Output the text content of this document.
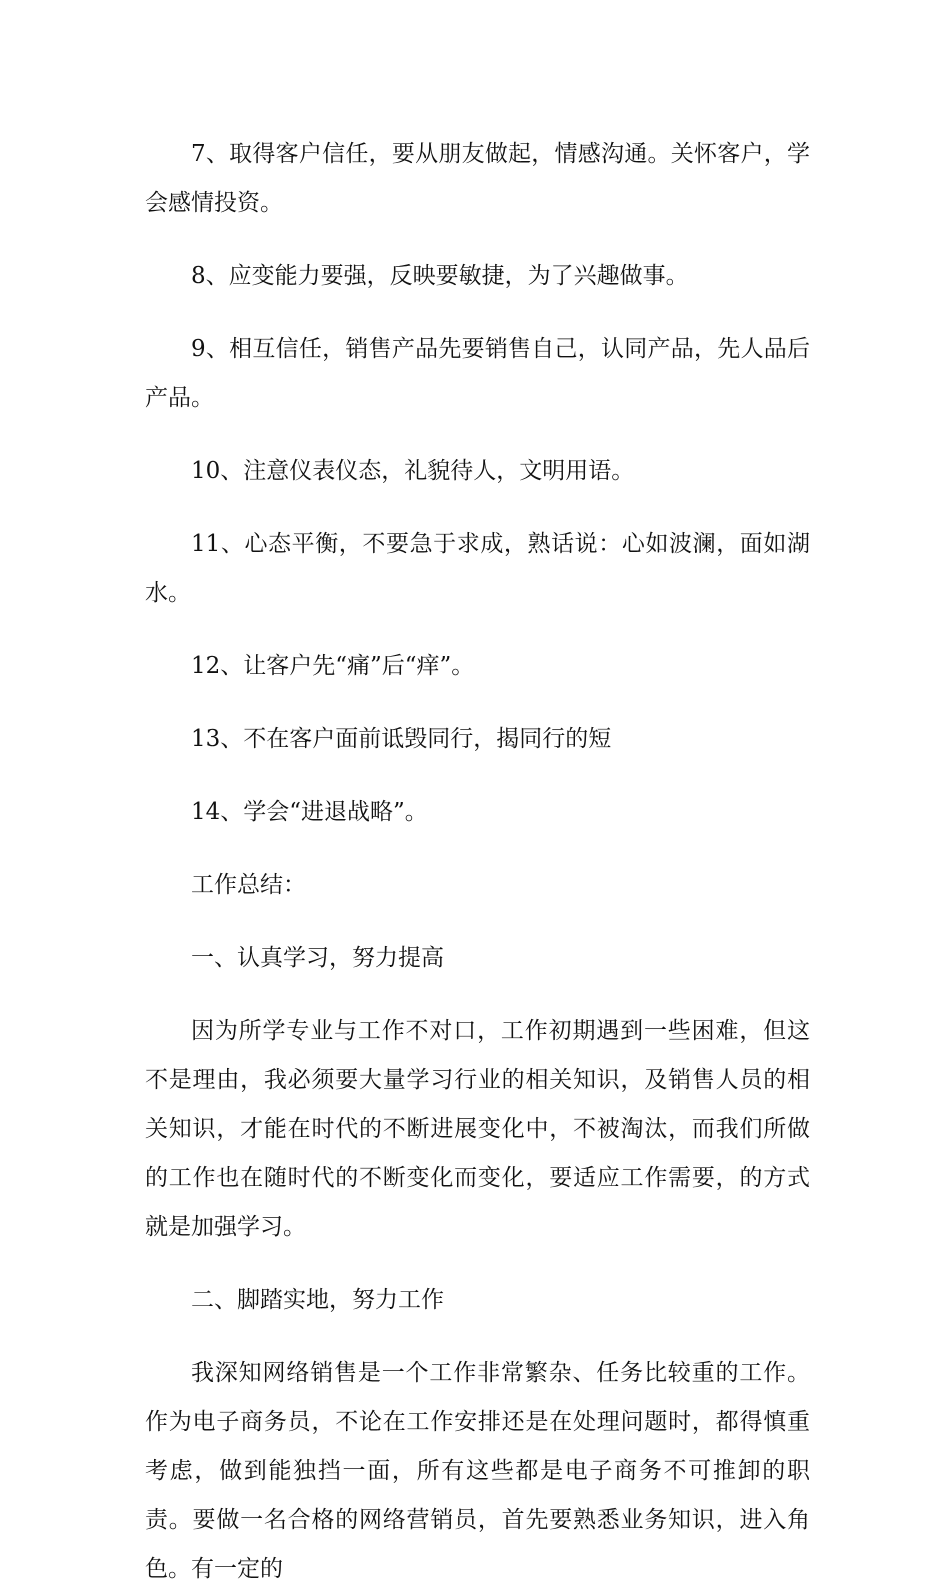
7、取得客户信任，要从朋友做起，情感沟通。关怀客户，学会感情投资。

8、应变能力要强，反映要敏捷，为了兴趣做事。

9、相互信任，销售产品先要销售自己，认同产品，先人品后产品。

10、注意仪表仪态，礼貌待人，文明用语。

11、心态平衡，不要急于求成，熟话说：心如波澜，面如湖水。

12、让客户先“痛”后“痒”。

13、不在客户面前诋毁同行，揭同行的短

14、学会“进退战略”。

工作总结：

一、认真学习，努力提高

因为所学专业与工作不对口，工作初期遇到一些困难，但这不是理由，我必须要大量学习行业的相关知识，及销售人员的相关知识，才能在时代的不断进展变化中，不被淘汰，而我们所做的工作也在随时代的不断变化而变化，要适应工作需要，的方式就是加强学习。

二、脚踏实地，努力工作

我深知网络销售是一个工作非常繁杂、任务比较重的工作。作为电子商务员，不论在工作安排还是在处理问题时，都得慎重考虑，做到能独挡一面，所有这些都是电子商务不可推卸的职责。要做一名合格的网络营销员，首先要熟悉业务知识，进入角色。有一定的
